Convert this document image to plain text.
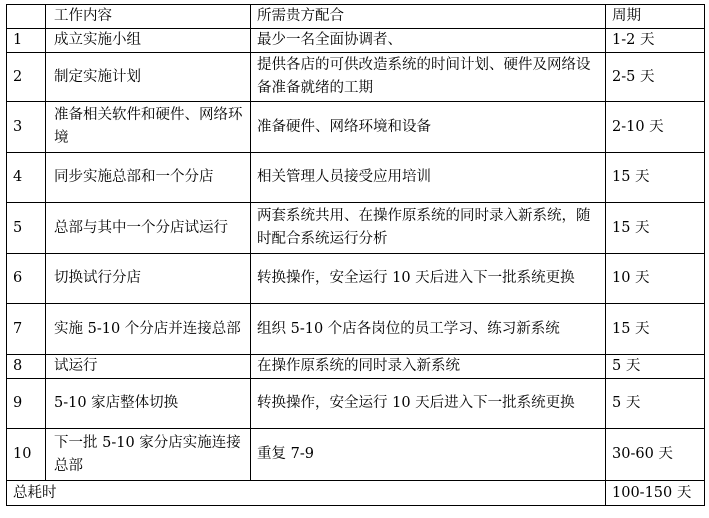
	工作内容	所需贵方配合	周期
1	成立实施小组	最少一名全面协调者、	1-2 天
2	制定实施计划	提供各店的可供改造系统的时间计划、硬件及网络设备准备就绪的工期	2-5 天
3	准备相关软件和硬件、网络环境	准备硬件、网络环境和设备	2-10 天
4	同步实施总部和一个分店	相关管理人员接受应用培训	15 天
5	总部与其中一个分店试运行	两套系统共用、在操作原系统的同时录入新系统，随时配合系统运行分析	15 天
6	切换试行分店	转换操作，安全运行 10 天后进入下一批系统更换	10 天
7	实施 5-10 个分店并连接总部	组织 5-10 个店各岗位的员工学习、练习新系统	15 天
8	试运行	在操作原系统的同时录入新系统	5 天
9	5-10 家店整体切换	转换操作，安全运行 10 天后进入下一批系统更换	5 天
10	下一批 5-10 家分店实施连接总部	重复 7-9	30-60 天
总耗时			100-150 天
